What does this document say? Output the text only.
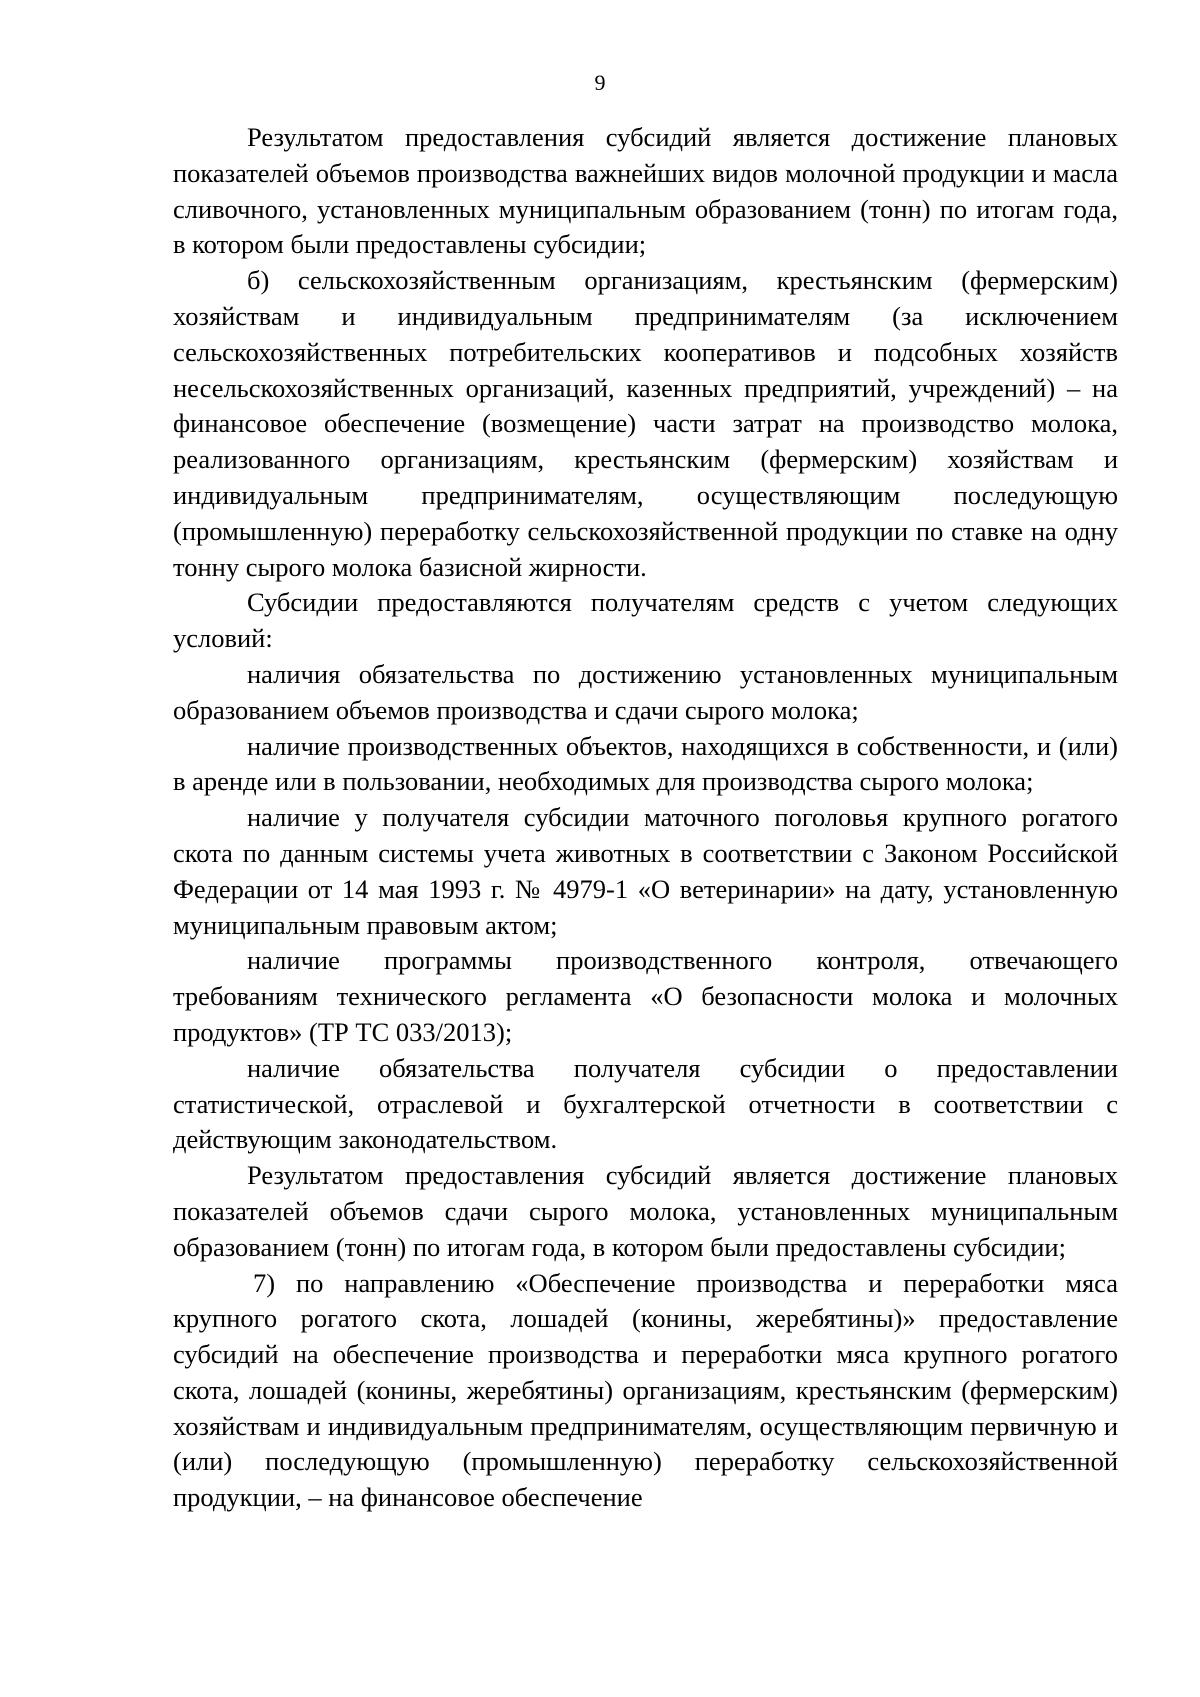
9

Результатом предоставления субсидий является достижение плановых показателей объемов производства важнейших видов молочной продукции и масла сливочного, установленных муниципальным образованием (тонн) по итогам года, в котором были предоставлены субсидии;

б) сельскохозяйственным организациям, крестьянским (фермерским) хозяйствам и индивидуальным предпринимателям (за исключением сельскохозяйственных потребительских кооперативов и подсобных хозяйств несельскохозяйственных организаций, казенных предприятий, учреждений) – на финансовое обеспечение (возмещение) части затрат на производство молока, реализованного организациям, крестьянским (фермерским) хозяйствам и индивидуальным предпринимателям, осуществляющим последующую (промышленную) переработку сельскохозяйственной продукции по ставке на одну тонну сырого молока базисной жирности.

Субсидии предоставляются получателям средств с учетом следующих условий:

наличия обязательства по достижению установленных муниципальным образованием объемов производства и сдачи сырого молока;

наличие производственных объектов, находящихся в собственности, и (или) в аренде или в пользовании, необходимых для производства сырого молока;

наличие у получателя субсидии маточного поголовья крупного рогатого скота по данным системы учета животных в соответствии с Законом Российской Федерации от 14 мая 1993 г. № 4979-1 «О ветеринарии» на дату, установленную муниципальным правовым актом;

наличие программы производственного контроля, отвечающего требованиям технического регламента «О безопасности молока и молочных продуктов» (ТР ТС 033/2013);

наличие обязательства получателя субсидии о предоставлении статистической, отраслевой и бухгалтерской отчетности в соответствии с действующим законодательством.

Результатом предоставления субсидий является достижение плановых показателей объемов сдачи сырого молока, установленных муниципальным образованием (тонн) по итогам года, в котором были предоставлены субсидии;

7) по направлению «Обеспечение производства и переработки мяса крупного рогатого скота, лошадей (конины, жеребятины)» предоставление субсидий на обеспечение производства и переработки мяса крупного рогатого скота, лошадей (конины, жеребятины) организациям, крестьянским (фермерским) хозяйствам и индивидуальным предпринимателям, осуществляющим первичную и (или) последующую (промышленную) переработку сельскохозяйственной продукции, – на финансовое обеспечение
